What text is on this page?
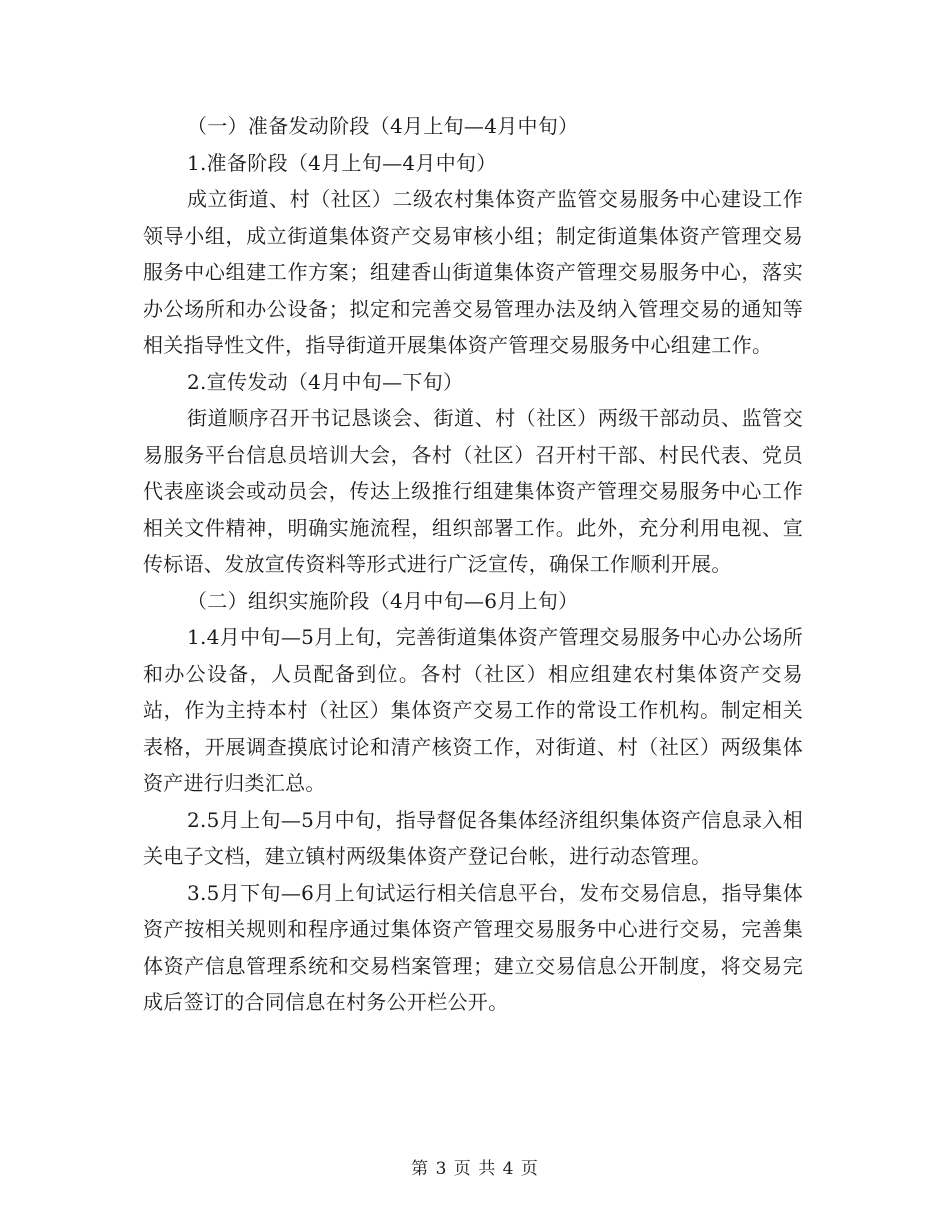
（一）准备发动阶段（4月上旬—4月中旬）

1.准备阶段（4月上旬—4月中旬）

成立街道、村（社区）二级农村集体资产监管交易服务中心建设工作领导小组，成立街道集体资产交易审核小组；制定街道集体资产管理交易服务中心组建工作方案；组建香山街道集体资产管理交易服务中心，落实办公场所和办公设备；拟定和完善交易管理办法及纳入管理交易的通知等相关指导性文件，指导街道开展集体资产管理交易服务中心组建工作。

2.宣传发动（4月中旬—下旬）

街道顺序召开书记恳谈会、街道、村（社区）两级干部动员、监管交易服务平台信息员培训大会，各村（社区）召开村干部、村民代表、党员代表座谈会或动员会，传达上级推行组建集体资产管理交易服务中心工作相关文件精神，明确实施流程，组织部署工作。此外，充分利用电视、宣传标语、发放宣传资料等形式进行广泛宣传，确保工作顺利开展。

（二）组织实施阶段（4月中旬—6月上旬）

1.4月中旬—5月上旬，完善街道集体资产管理交易服务中心办公场所和办公设备，人员配备到位。各村（社区）相应组建农村集体资产交易站，作为主持本村（社区）集体资产交易工作的常设工作机构。制定相关表格，开展调查摸底讨论和清产核资工作，对街道、村（社区）两级集体资产进行归类汇总。

2.5月上旬—5月中旬，指导督促各集体经济组织集体资产信息录入相关电子文档，建立镇村两级集体资产登记台帐，进行动态管理。

3.5月下旬—6月上旬试运行相关信息平台，发布交易信息，指导集体资产按相关规则和程序通过集体资产管理交易服务中心进行交易，完善集体资产信息管理系统和交易档案管理；建立交易信息公开制度，将交易完成后签订的合同信息在村务公开栏公开。

第 3 页 共 4 页
